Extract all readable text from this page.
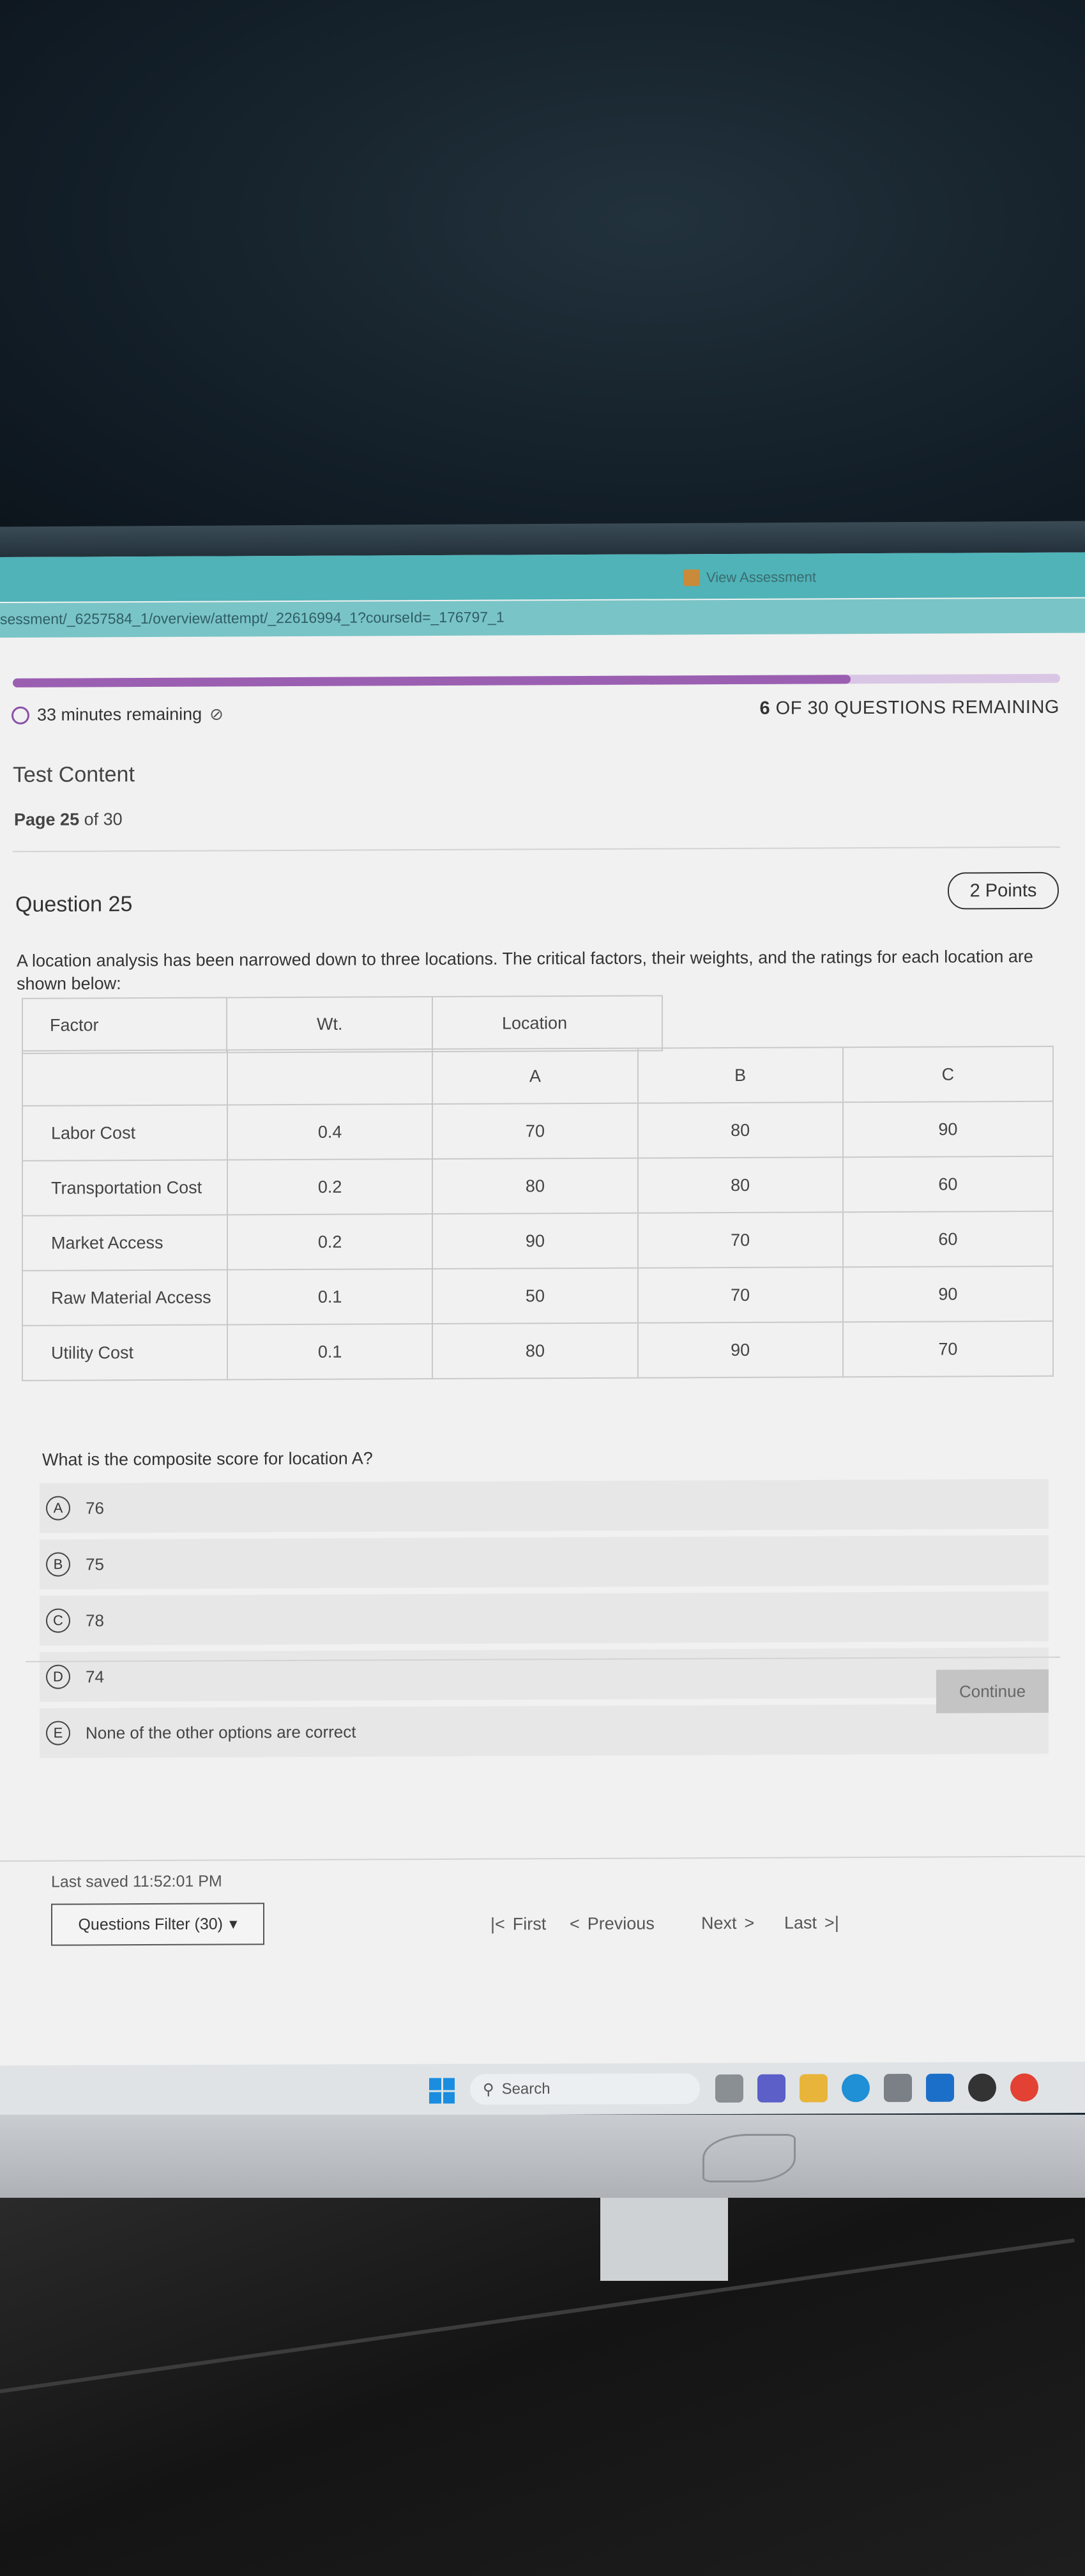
View Assessment
sessment/_6257584_1/overview/attempt/_22616994_1?courseId=_176797_1
33 minutes remaining ⊘	6 OF 30 QUESTIONS REMAINING
Test Content
Page 25 of 30
Question 25
2 Points
A location analysis has been narrowed down to three locations. The critical factors, their weights, and the ratings for each location are shown below:
Factor	Wt.	Location
		A	B	C
Labor Cost	0.4	70	80	90
Transportation Cost	0.2	80	80	60
Market Access	0.2	90	70	60
Raw Material Access	0.1	50	70	90
Utility Cost	0.1	80	90	70
What is the composite score for location A?
A	76
B	75
C	78
D	74
E	None of the other options are correct
Continue
Last saved 11:52:01 PM
Questions Filter (30) ▾	|< First < Previous	Next > Last >|
⚲ Search
